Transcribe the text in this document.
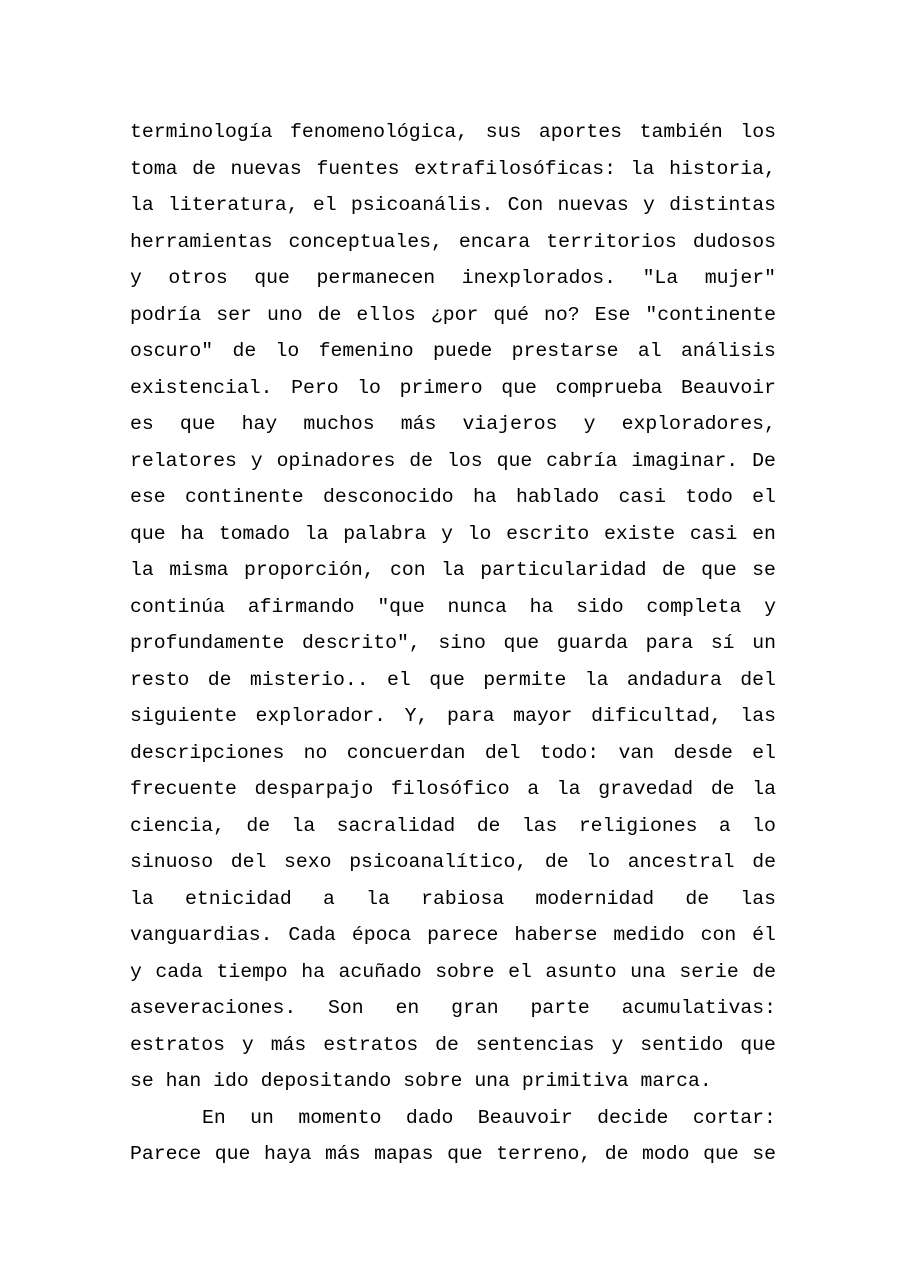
terminología fenomenológica, sus aportes también los
toma de nuevas fuentes extrafilosóficas: la historia,
la literatura, el psicoanális. Con nuevas y distintas
herramientas conceptuales, encara territorios dudosos
y otros que permanecen inexplorados. "La mujer"
podría ser uno de ellos ¿por qué no? Ese "continente
oscuro" de lo femenino puede prestarse al análisis
existencial. Pero lo primero que comprueba Beauvoir
es que hay muchos más viajeros y exploradores,
relatores y opinadores de los que cabría imaginar. De
ese continente desconocido ha hablado casi todo el
que ha tomado la palabra y lo escrito existe casi en
la misma proporción, con la particularidad de que se
continúa afirmando "que nunca ha sido completa y
profundamente descrito", sino que guarda para sí un
resto de misterio.. el que permite la andadura del
siguiente explorador. Y, para mayor dificultad, las
descripciones no concuerdan del todo: van desde el
frecuente desparpajo filosófico a la gravedad de la
ciencia, de la sacralidad de las religiones a lo
sinuoso del sexo psicoanalítico, de lo ancestral de
la etnicidad a la rabiosa modernidad de las
vanguardias. Cada época parece haberse medido con él
y cada tiempo ha acuñado sobre el asunto una serie de
aseveraciones. Son en gran parte acumulativas:
estratos y más estratos de sentencias y sentido que
se han ido depositando sobre una primitiva marca.
En un momento dado Beauvoir decide cortar:
Parece que haya más mapas que terreno, de modo que se
